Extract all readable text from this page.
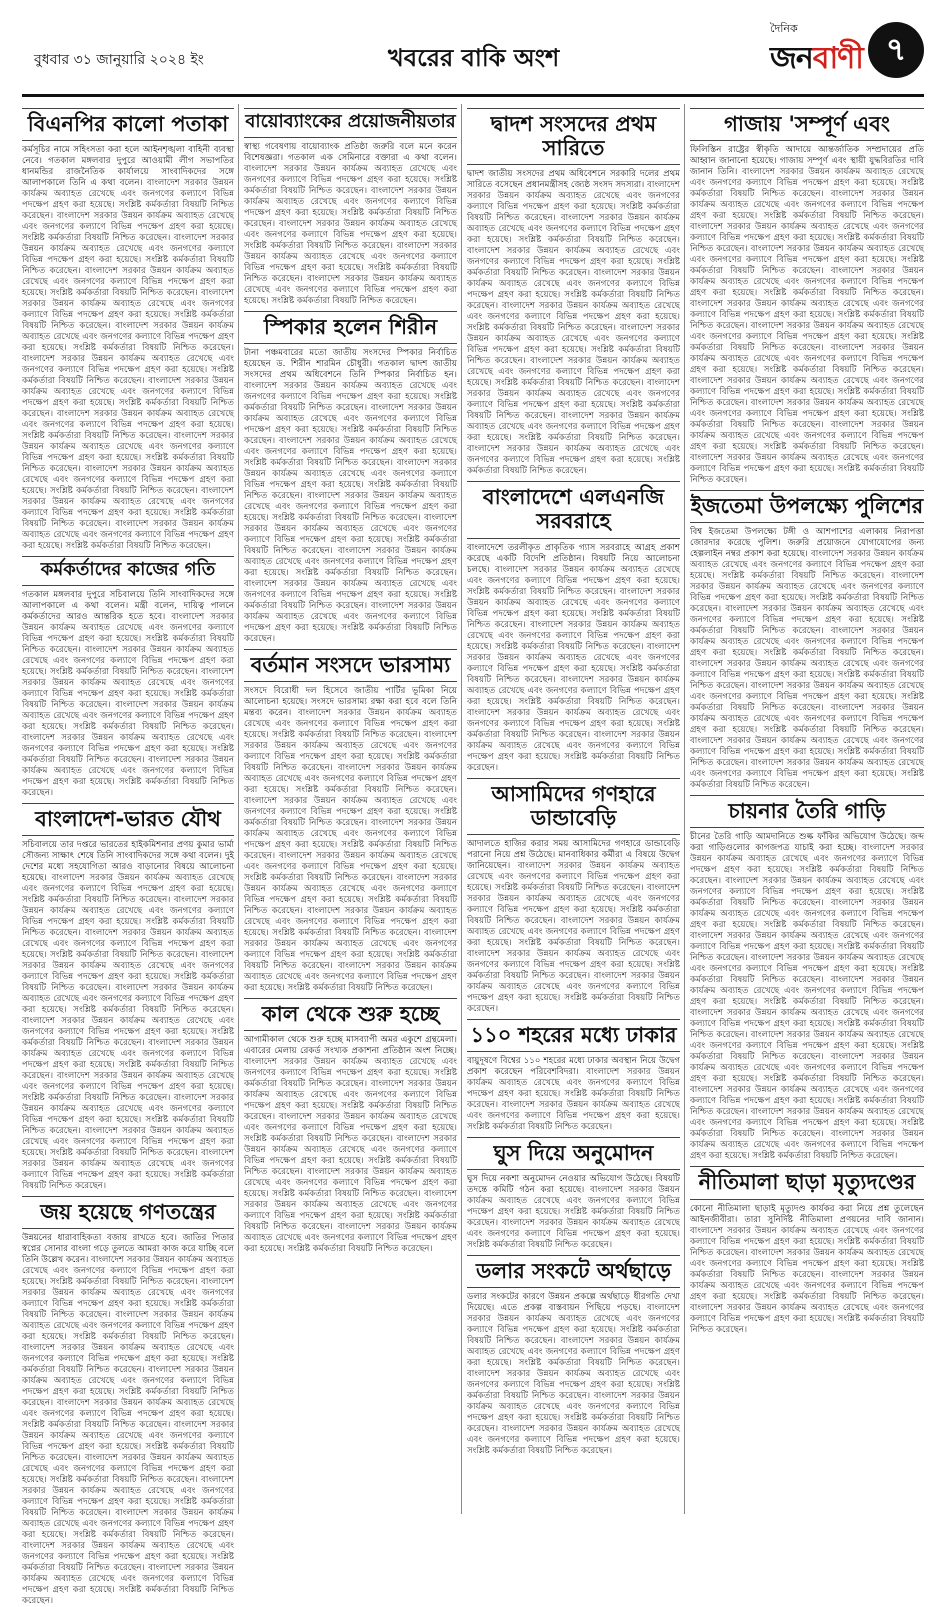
বুধবার ৩১ জানুয়ারি ২০২৪ ইং	খবরের বাকি অংশ
দৈনিক
জনবাণী ৭
বিএনপির কালো পতাকা

কর্মসূচির নামে সহিংসতা করা হলে আইনশৃঙ্খলা বাহিনী ব্যবস্থা নেবে। গতকাল মঙ্গলবার দুপুরে আওয়ামী লীগ সভাপতির ধানমন্ডির রাজনৈতিক কার্যালয়ে সাংবাদিকদের সঙ্গে আলাপকালে তিনি এ কথা বলেন। বাংলাদেশ সরকার উন্নয়ন কার্যক্রম অব্যাহত রেখেছে এবং জনগণের কল্যাণে বিভিন্ন পদক্ষেপ গ্রহণ করা হয়েছে। সংশ্লিষ্ট কর্মকর্তারা বিষয়টি নিশ্চিত করেছেন। বাংলাদেশ সরকার উন্নয়ন কার্যক্রম অব্যাহত রেখেছে এবং জনগণের কল্যাণে বিভিন্ন পদক্ষেপ গ্রহণ করা হয়েছে। সংশ্লিষ্ট কর্মকর্তারা বিষয়টি নিশ্চিত করেছেন। বাংলাদেশ সরকার উন্নয়ন কার্যক্রম অব্যাহত রেখেছে এবং জনগণের কল্যাণে বিভিন্ন পদক্ষেপ গ্রহণ করা হয়েছে। সংশ্লিষ্ট কর্মকর্তারা বিষয়টি নিশ্চিত করেছেন। বাংলাদেশ সরকার উন্নয়ন কার্যক্রম অব্যাহত রেখেছে এবং জনগণের কল্যাণে বিভিন্ন পদক্ষেপ গ্রহণ করা হয়েছে। সংশ্লিষ্ট কর্মকর্তারা বিষয়টি নিশ্চিত করেছেন। বাংলাদেশ সরকার উন্নয়ন কার্যক্রম অব্যাহত রেখেছে এবং জনগণের কল্যাণে বিভিন্ন পদক্ষেপ গ্রহণ করা হয়েছে। সংশ্লিষ্ট কর্মকর্তারা বিষয়টি নিশ্চিত করেছেন। বাংলাদেশ সরকার উন্নয়ন কার্যক্রম অব্যাহত রেখেছে এবং জনগণের কল্যাণে বিভিন্ন পদক্ষেপ গ্রহণ করা হয়েছে। সংশ্লিষ্ট কর্মকর্তারা বিষয়টি নিশ্চিত করেছেন। বাংলাদেশ সরকার উন্নয়ন কার্যক্রম অব্যাহত রেখেছে এবং জনগণের কল্যাণে বিভিন্ন পদক্ষেপ গ্রহণ করা হয়েছে। সংশ্লিষ্ট কর্মকর্তারা বিষয়টি নিশ্চিত করেছেন। বাংলাদেশ সরকার উন্নয়ন কার্যক্রম অব্যাহত রেখেছে এবং জনগণের কল্যাণে বিভিন্ন পদক্ষেপ গ্রহণ করা হয়েছে। সংশ্লিষ্ট কর্মকর্তারা বিষয়টি নিশ্চিত করেছেন। বাংলাদেশ সরকার উন্নয়ন কার্যক্রম অব্যাহত রেখেছে এবং জনগণের কল্যাণে বিভিন্ন পদক্ষেপ গ্রহণ করা হয়েছে। সংশ্লিষ্ট কর্মকর্তারা বিষয়টি নিশ্চিত করেছেন। বাংলাদেশ সরকার উন্নয়ন কার্যক্রম অব্যাহত রেখেছে এবং জনগণের কল্যাণে বিভিন্ন পদক্ষেপ গ্রহণ করা হয়েছে। সংশ্লিষ্ট কর্মকর্তারা বিষয়টি নিশ্চিত করেছেন। বাংলাদেশ সরকার উন্নয়ন কার্যক্রম অব্যাহত রেখেছে এবং জনগণের কল্যাণে বিভিন্ন পদক্ষেপ গ্রহণ করা হয়েছে। সংশ্লিষ্ট কর্মকর্তারা বিষয়টি নিশ্চিত করেছেন। বাংলাদেশ সরকার উন্নয়ন কার্যক্রম অব্যাহত রেখেছে এবং জনগণের কল্যাণে বিভিন্ন পদক্ষেপ গ্রহণ করা হয়েছে। সংশ্লিষ্ট কর্মকর্তারা বিষয়টি নিশ্চিত করেছেন। বাংলাদেশ সরকার উন্নয়ন কার্যক্রম অব্যাহত রেখেছে এবং জনগণের কল্যাণে বিভিন্ন পদক্ষেপ গ্রহণ করা হয়েছে। সংশ্লিষ্ট কর্মকর্তারা বিষয়টি নিশ্চিত করেছেন।

কর্মকর্তাদের কাজের গতি

গতকাল মঙ্গলবার দুপুরে সচিবালয়ে তিনি সাংবাদিকদের সঙ্গে আলাপকালে এ কথা বলেন। মন্ত্রী বলেন, দায়িত্ব পালনে কর্মকর্তাদের আরও আন্তরিক হতে হবে। বাংলাদেশ সরকার উন্নয়ন কার্যক্রম অব্যাহত রেখেছে এবং জনগণের কল্যাণে বিভিন্ন পদক্ষেপ গ্রহণ করা হয়েছে। সংশ্লিষ্ট কর্মকর্তারা বিষয়টি নিশ্চিত করেছেন। বাংলাদেশ সরকার উন্নয়ন কার্যক্রম অব্যাহত রেখেছে এবং জনগণের কল্যাণে বিভিন্ন পদক্ষেপ গ্রহণ করা হয়েছে। সংশ্লিষ্ট কর্মকর্তারা বিষয়টি নিশ্চিত করেছেন। বাংলাদেশ সরকার উন্নয়ন কার্যক্রম অব্যাহত রেখেছে এবং জনগণের কল্যাণে বিভিন্ন পদক্ষেপ গ্রহণ করা হয়েছে। সংশ্লিষ্ট কর্মকর্তারা বিষয়টি নিশ্চিত করেছেন। বাংলাদেশ সরকার উন্নয়ন কার্যক্রম অব্যাহত রেখেছে এবং জনগণের কল্যাণে বিভিন্ন পদক্ষেপ গ্রহণ করা হয়েছে। সংশ্লিষ্ট কর্মকর্তারা বিষয়টি নিশ্চিত করেছেন। বাংলাদেশ সরকার উন্নয়ন কার্যক্রম অব্যাহত রেখেছে এবং জনগণের কল্যাণে বিভিন্ন পদক্ষেপ গ্রহণ করা হয়েছে। সংশ্লিষ্ট কর্মকর্তারা বিষয়টি নিশ্চিত করেছেন। বাংলাদেশ সরকার উন্নয়ন কার্যক্রম অব্যাহত রেখেছে এবং জনগণের কল্যাণে বিভিন্ন পদক্ষেপ গ্রহণ করা হয়েছে। সংশ্লিষ্ট কর্মকর্তারা বিষয়টি নিশ্চিত করেছেন।

বাংলাদেশ-ভারত যৌথ

সচিবালয়ে তার দপ্তরে ভারতের হাইকমিশনার প্রণয় কুমার ভার্মা সৌজন্য সাক্ষাৎ শেষে তিনি সাংবাদিকদের সঙ্গে কথা বলেন। দুই দেশের মধ্যে সহযোগিতা আরও বাড়ানোর বিষয়ে আলোচনা হয়েছে। বাংলাদেশ সরকার উন্নয়ন কার্যক্রম অব্যাহত রেখেছে এবং জনগণের কল্যাণে বিভিন্ন পদক্ষেপ গ্রহণ করা হয়েছে। সংশ্লিষ্ট কর্মকর্তারা বিষয়টি নিশ্চিত করেছেন। বাংলাদেশ সরকার উন্নয়ন কার্যক্রম অব্যাহত রেখেছে এবং জনগণের কল্যাণে বিভিন্ন পদক্ষেপ গ্রহণ করা হয়েছে। সংশ্লিষ্ট কর্মকর্তারা বিষয়টি নিশ্চিত করেছেন। বাংলাদেশ সরকার উন্নয়ন কার্যক্রম অব্যাহত রেখেছে এবং জনগণের কল্যাণে বিভিন্ন পদক্ষেপ গ্রহণ করা হয়েছে। সংশ্লিষ্ট কর্মকর্তারা বিষয়টি নিশ্চিত করেছেন। বাংলাদেশ সরকার উন্নয়ন কার্যক্রম অব্যাহত রেখেছে এবং জনগণের কল্যাণে বিভিন্ন পদক্ষেপ গ্রহণ করা হয়েছে। সংশ্লিষ্ট কর্মকর্তারা বিষয়টি নিশ্চিত করেছেন। বাংলাদেশ সরকার উন্নয়ন কার্যক্রম অব্যাহত রেখেছে এবং জনগণের কল্যাণে বিভিন্ন পদক্ষেপ গ্রহণ করা হয়েছে। সংশ্লিষ্ট কর্মকর্তারা বিষয়টি নিশ্চিত করেছেন। বাংলাদেশ সরকার উন্নয়ন কার্যক্রম অব্যাহত রেখেছে এবং জনগণের কল্যাণে বিভিন্ন পদক্ষেপ গ্রহণ করা হয়েছে। সংশ্লিষ্ট কর্মকর্তারা বিষয়টি নিশ্চিত করেছেন। বাংলাদেশ সরকার উন্নয়ন কার্যক্রম অব্যাহত রেখেছে এবং জনগণের কল্যাণে বিভিন্ন পদক্ষেপ গ্রহণ করা হয়েছে। সংশ্লিষ্ট কর্মকর্তারা বিষয়টি নিশ্চিত করেছেন। বাংলাদেশ সরকার উন্নয়ন কার্যক্রম অব্যাহত রেখেছে এবং জনগণের কল্যাণে বিভিন্ন পদক্ষেপ গ্রহণ করা হয়েছে। সংশ্লিষ্ট কর্মকর্তারা বিষয়টি নিশ্চিত করেছেন। বাংলাদেশ সরকার উন্নয়ন কার্যক্রম অব্যাহত রেখেছে এবং জনগণের কল্যাণে বিভিন্ন পদক্ষেপ গ্রহণ করা হয়েছে। সংশ্লিষ্ট কর্মকর্তারা বিষয়টি নিশ্চিত করেছেন। বাংলাদেশ সরকার উন্নয়ন কার্যক্রম অব্যাহত রেখেছে এবং জনগণের কল্যাণে বিভিন্ন পদক্ষেপ গ্রহণ করা হয়েছে। সংশ্লিষ্ট কর্মকর্তারা বিষয়টি নিশ্চিত করেছেন। বাংলাদেশ সরকার উন্নয়ন কার্যক্রম অব্যাহত রেখেছে এবং জনগণের কল্যাণে বিভিন্ন পদক্ষেপ গ্রহণ করা হয়েছে। সংশ্লিষ্ট কর্মকর্তারা বিষয়টি নিশ্চিত করেছেন।

জয় হয়েছে গণতন্ত্রের

উন্নয়নের ধারাবাহিকতা বজায় রাখতে হবে। জাতির পিতার স্বপ্নের সোনার বাংলা গড়ে তুলতে আমরা কাজ করে যাচ্ছি বলে তিনি উল্লেখ করেন। বাংলাদেশ সরকার উন্নয়ন কার্যক্রম অব্যাহত রেখেছে এবং জনগণের কল্যাণে বিভিন্ন পদক্ষেপ গ্রহণ করা হয়েছে। সংশ্লিষ্ট কর্মকর্তারা বিষয়টি নিশ্চিত করেছেন। বাংলাদেশ সরকার উন্নয়ন কার্যক্রম অব্যাহত রেখেছে এবং জনগণের কল্যাণে বিভিন্ন পদক্ষেপ গ্রহণ করা হয়েছে। সংশ্লিষ্ট কর্মকর্তারা বিষয়টি নিশ্চিত করেছেন। বাংলাদেশ সরকার উন্নয়ন কার্যক্রম অব্যাহত রেখেছে এবং জনগণের কল্যাণে বিভিন্ন পদক্ষেপ গ্রহণ করা হয়েছে। সংশ্লিষ্ট কর্মকর্তারা বিষয়টি নিশ্চিত করেছেন। বাংলাদেশ সরকার উন্নয়ন কার্যক্রম অব্যাহত রেখেছে এবং জনগণের কল্যাণে বিভিন্ন পদক্ষেপ গ্রহণ করা হয়েছে। সংশ্লিষ্ট কর্মকর্তারা বিষয়টি নিশ্চিত করেছেন। বাংলাদেশ সরকার উন্নয়ন কার্যক্রম অব্যাহত রেখেছে এবং জনগণের কল্যাণে বিভিন্ন পদক্ষেপ গ্রহণ করা হয়েছে। সংশ্লিষ্ট কর্মকর্তারা বিষয়টি নিশ্চিত করেছেন। বাংলাদেশ সরকার উন্নয়ন কার্যক্রম অব্যাহত রেখেছে এবং জনগণের কল্যাণে বিভিন্ন পদক্ষেপ গ্রহণ করা হয়েছে। সংশ্লিষ্ট কর্মকর্তারা বিষয়টি নিশ্চিত করেছেন। বাংলাদেশ সরকার উন্নয়ন কার্যক্রম অব্যাহত রেখেছে এবং জনগণের কল্যাণে বিভিন্ন পদক্ষেপ গ্রহণ করা হয়েছে। সংশ্লিষ্ট কর্মকর্তারা বিষয়টি নিশ্চিত করেছেন। বাংলাদেশ সরকার উন্নয়ন কার্যক্রম অব্যাহত রেখেছে এবং জনগণের কল্যাণে বিভিন্ন পদক্ষেপ গ্রহণ করা হয়েছে। সংশ্লিষ্ট কর্মকর্তারা বিষয়টি নিশ্চিত করেছেন। বাংলাদেশ সরকার উন্নয়ন কার্যক্রম অব্যাহত রেখেছে এবং জনগণের কল্যাণে বিভিন্ন পদক্ষেপ গ্রহণ করা হয়েছে। সংশ্লিষ্ট কর্মকর্তারা বিষয়টি নিশ্চিত করেছেন। বাংলাদেশ সরকার উন্নয়ন কার্যক্রম অব্যাহত রেখেছে এবং জনগণের কল্যাণে বিভিন্ন পদক্ষেপ গ্রহণ করা হয়েছে। সংশ্লিষ্ট কর্মকর্তারা বিষয়টি নিশ্চিত করেছেন। বাংলাদেশ সরকার উন্নয়ন কার্যক্রম অব্যাহত রেখেছে এবং জনগণের কল্যাণে বিভিন্ন পদক্ষেপ গ্রহণ করা হয়েছে। সংশ্লিষ্ট কর্মকর্তারা বিষয়টি নিশ্চিত করেছেন। বাংলাদেশ সরকার উন্নয়ন কার্যক্রম অব্যাহত রেখেছে এবং জনগণের কল্যাণে বিভিন্ন পদক্ষেপ গ্রহণ করা হয়েছে। সংশ্লিষ্ট কর্মকর্তারা বিষয়টি নিশ্চিত করেছেন।

বায়োব্যাংকের প্রয়োজনীয়তার

স্বাস্থ্য গবেষণায় বায়োব্যাংক প্রতিষ্ঠা জরুরি বলে মনে করেন বিশেষজ্ঞরা। গতকাল এক সেমিনারে বক্তারা এ কথা বলেন। বাংলাদেশ সরকার উন্নয়ন কার্যক্রম অব্যাহত রেখেছে এবং জনগণের কল্যাণে বিভিন্ন পদক্ষেপ গ্রহণ করা হয়েছে। সংশ্লিষ্ট কর্মকর্তারা বিষয়টি নিশ্চিত করেছেন। বাংলাদেশ সরকার উন্নয়ন কার্যক্রম অব্যাহত রেখেছে এবং জনগণের কল্যাণে বিভিন্ন পদক্ষেপ গ্রহণ করা হয়েছে। সংশ্লিষ্ট কর্মকর্তারা বিষয়টি নিশ্চিত করেছেন। বাংলাদেশ সরকার উন্নয়ন কার্যক্রম অব্যাহত রেখেছে এবং জনগণের কল্যাণে বিভিন্ন পদক্ষেপ গ্রহণ করা হয়েছে। সংশ্লিষ্ট কর্মকর্তারা বিষয়টি নিশ্চিত করেছেন। বাংলাদেশ সরকার উন্নয়ন কার্যক্রম অব্যাহত রেখেছে এবং জনগণের কল্যাণে বিভিন্ন পদক্ষেপ গ্রহণ করা হয়েছে। সংশ্লিষ্ট কর্মকর্তারা বিষয়টি নিশ্চিত করেছেন। বাংলাদেশ সরকার উন্নয়ন কার্যক্রম অব্যাহত রেখেছে এবং জনগণের কল্যাণে বিভিন্ন পদক্ষেপ গ্রহণ করা হয়েছে। সংশ্লিষ্ট কর্মকর্তারা বিষয়টি নিশ্চিত করেছেন।

স্পিকার হলেন শিরীন

টানা পঞ্চমবারের মতো জাতীয় সংসদের স্পিকার নির্বাচিত হয়েছেন ড. শিরীন শারমিন চৌধুরী। গতকাল দ্বাদশ জাতীয় সংসদের প্রথম অধিবেশনে তিনি স্পিকার নির্বাচিত হন। বাংলাদেশ সরকার উন্নয়ন কার্যক্রম অব্যাহত রেখেছে এবং জনগণের কল্যাণে বিভিন্ন পদক্ষেপ গ্রহণ করা হয়েছে। সংশ্লিষ্ট কর্মকর্তারা বিষয়টি নিশ্চিত করেছেন। বাংলাদেশ সরকার উন্নয়ন কার্যক্রম অব্যাহত রেখেছে এবং জনগণের কল্যাণে বিভিন্ন পদক্ষেপ গ্রহণ করা হয়েছে। সংশ্লিষ্ট কর্মকর্তারা বিষয়টি নিশ্চিত করেছেন। বাংলাদেশ সরকার উন্নয়ন কার্যক্রম অব্যাহত রেখেছে এবং জনগণের কল্যাণে বিভিন্ন পদক্ষেপ গ্রহণ করা হয়েছে। সংশ্লিষ্ট কর্মকর্তারা বিষয়টি নিশ্চিত করেছেন। বাংলাদেশ সরকার উন্নয়ন কার্যক্রম অব্যাহত রেখেছে এবং জনগণের কল্যাণে বিভিন্ন পদক্ষেপ গ্রহণ করা হয়েছে। সংশ্লিষ্ট কর্মকর্তারা বিষয়টি নিশ্চিত করেছেন। বাংলাদেশ সরকার উন্নয়ন কার্যক্রম অব্যাহত রেখেছে এবং জনগণের কল্যাণে বিভিন্ন পদক্ষেপ গ্রহণ করা হয়েছে। সংশ্লিষ্ট কর্মকর্তারা বিষয়টি নিশ্চিত করেছেন। বাংলাদেশ সরকার উন্নয়ন কার্যক্রম অব্যাহত রেখেছে এবং জনগণের কল্যাণে বিভিন্ন পদক্ষেপ গ্রহণ করা হয়েছে। সংশ্লিষ্ট কর্মকর্তারা বিষয়টি নিশ্চিত করেছেন। বাংলাদেশ সরকার উন্নয়ন কার্যক্রম অব্যাহত রেখেছে এবং জনগণের কল্যাণে বিভিন্ন পদক্ষেপ গ্রহণ করা হয়েছে। সংশ্লিষ্ট কর্মকর্তারা বিষয়টি নিশ্চিত করেছেন। বাংলাদেশ সরকার উন্নয়ন কার্যক্রম অব্যাহত রেখেছে এবং জনগণের কল্যাণে বিভিন্ন পদক্ষেপ গ্রহণ করা হয়েছে। সংশ্লিষ্ট কর্মকর্তারা বিষয়টি নিশ্চিত করেছেন। বাংলাদেশ সরকার উন্নয়ন কার্যক্রম অব্যাহত রেখেছে এবং জনগণের কল্যাণে বিভিন্ন পদক্ষেপ গ্রহণ করা হয়েছে। সংশ্লিষ্ট কর্মকর্তারা বিষয়টি নিশ্চিত করেছেন।

বর্তমান সংসদে ভারসাম্য

সংসদে বিরোধী দল হিসেবে জাতীয় পার্টির ভূমিকা নিয়ে আলোচনা হয়েছে। সংসদে ভারসাম্য রক্ষা করা হবে বলে তিনি মন্তব্য করেন। বাংলাদেশ সরকার উন্নয়ন কার্যক্রম অব্যাহত রেখেছে এবং জনগণের কল্যাণে বিভিন্ন পদক্ষেপ গ্রহণ করা হয়েছে। সংশ্লিষ্ট কর্মকর্তারা বিষয়টি নিশ্চিত করেছেন। বাংলাদেশ সরকার উন্নয়ন কার্যক্রম অব্যাহত রেখেছে এবং জনগণের কল্যাণে বিভিন্ন পদক্ষেপ গ্রহণ করা হয়েছে। সংশ্লিষ্ট কর্মকর্তারা বিষয়টি নিশ্চিত করেছেন। বাংলাদেশ সরকার উন্নয়ন কার্যক্রম অব্যাহত রেখেছে এবং জনগণের কল্যাণে বিভিন্ন পদক্ষেপ গ্রহণ করা হয়েছে। সংশ্লিষ্ট কর্মকর্তারা বিষয়টি নিশ্চিত করেছেন। বাংলাদেশ সরকার উন্নয়ন কার্যক্রম অব্যাহত রেখেছে এবং জনগণের কল্যাণে বিভিন্ন পদক্ষেপ গ্রহণ করা হয়েছে। সংশ্লিষ্ট কর্মকর্তারা বিষয়টি নিশ্চিত করেছেন। বাংলাদেশ সরকার উন্নয়ন কার্যক্রম অব্যাহত রেখেছে এবং জনগণের কল্যাণে বিভিন্ন পদক্ষেপ গ্রহণ করা হয়েছে। সংশ্লিষ্ট কর্মকর্তারা বিষয়টি নিশ্চিত করেছেন। বাংলাদেশ সরকার উন্নয়ন কার্যক্রম অব্যাহত রেখেছে এবং জনগণের কল্যাণে বিভিন্ন পদক্ষেপ গ্রহণ করা হয়েছে। সংশ্লিষ্ট কর্মকর্তারা বিষয়টি নিশ্চিত করেছেন। বাংলাদেশ সরকার উন্নয়ন কার্যক্রম অব্যাহত রেখেছে এবং জনগণের কল্যাণে বিভিন্ন পদক্ষেপ গ্রহণ করা হয়েছে। সংশ্লিষ্ট কর্মকর্তারা বিষয়টি নিশ্চিত করেছেন। বাংলাদেশ সরকার উন্নয়ন কার্যক্রম অব্যাহত রেখেছে এবং জনগণের কল্যাণে বিভিন্ন পদক্ষেপ গ্রহণ করা হয়েছে। সংশ্লিষ্ট কর্মকর্তারা বিষয়টি নিশ্চিত করেছেন। বাংলাদেশ সরকার উন্নয়ন কার্যক্রম অব্যাহত রেখেছে এবং জনগণের কল্যাণে বিভিন্ন পদক্ষেপ গ্রহণ করা হয়েছে। সংশ্লিষ্ট কর্মকর্তারা বিষয়টি নিশ্চিত করেছেন। বাংলাদেশ সরকার উন্নয়ন কার্যক্রম অব্যাহত রেখেছে এবং জনগণের কল্যাণে বিভিন্ন পদক্ষেপ গ্রহণ করা হয়েছে। সংশ্লিষ্ট কর্মকর্তারা বিষয়টি নিশ্চিত করেছেন।

কাল থেকে শুরু হচ্ছে

আগামীকাল থেকে শুরু হচ্ছে মাসব্যাপী অমর একুশে গ্রন্থমেলা। এবারের মেলায় রেকর্ড সংখ্যক প্রকাশনা প্রতিষ্ঠান অংশ নিচ্ছে। বাংলাদেশ সরকার উন্নয়ন কার্যক্রম অব্যাহত রেখেছে এবং জনগণের কল্যাণে বিভিন্ন পদক্ষেপ গ্রহণ করা হয়েছে। সংশ্লিষ্ট কর্মকর্তারা বিষয়টি নিশ্চিত করেছেন। বাংলাদেশ সরকার উন্নয়ন কার্যক্রম অব্যাহত রেখেছে এবং জনগণের কল্যাণে বিভিন্ন পদক্ষেপ গ্রহণ করা হয়েছে। সংশ্লিষ্ট কর্মকর্তারা বিষয়টি নিশ্চিত করেছেন। বাংলাদেশ সরকার উন্নয়ন কার্যক্রম অব্যাহত রেখেছে এবং জনগণের কল্যাণে বিভিন্ন পদক্ষেপ গ্রহণ করা হয়েছে। সংশ্লিষ্ট কর্মকর্তারা বিষয়টি নিশ্চিত করেছেন। বাংলাদেশ সরকার উন্নয়ন কার্যক্রম অব্যাহত রেখেছে এবং জনগণের কল্যাণে বিভিন্ন পদক্ষেপ গ্রহণ করা হয়েছে। সংশ্লিষ্ট কর্মকর্তারা বিষয়টি নিশ্চিত করেছেন। বাংলাদেশ সরকার উন্নয়ন কার্যক্রম অব্যাহত রেখেছে এবং জনগণের কল্যাণে বিভিন্ন পদক্ষেপ গ্রহণ করা হয়েছে। সংশ্লিষ্ট কর্মকর্তারা বিষয়টি নিশ্চিত করেছেন। বাংলাদেশ সরকার উন্নয়ন কার্যক্রম অব্যাহত রেখেছে এবং জনগণের কল্যাণে বিভিন্ন পদক্ষেপ গ্রহণ করা হয়েছে। সংশ্লিষ্ট কর্মকর্তারা বিষয়টি নিশ্চিত করেছেন। বাংলাদেশ সরকার উন্নয়ন কার্যক্রম অব্যাহত রেখেছে এবং জনগণের কল্যাণে বিভিন্ন পদক্ষেপ গ্রহণ করা হয়েছে। সংশ্লিষ্ট কর্মকর্তারা বিষয়টি নিশ্চিত করেছেন।

দ্বাদশ সংসদের প্রথম সারিতে

দ্বাদশ জাতীয় সংসদের প্রথম অধিবেশনে সরকারি দলের প্রথম সারিতে বসেছেন প্রধানমন্ত্রীসহ জ্যেষ্ঠ সংসদ সদস্যরা। বাংলাদেশ সরকার উন্নয়ন কার্যক্রম অব্যাহত রেখেছে এবং জনগণের কল্যাণে বিভিন্ন পদক্ষেপ গ্রহণ করা হয়েছে। সংশ্লিষ্ট কর্মকর্তারা বিষয়টি নিশ্চিত করেছেন। বাংলাদেশ সরকার উন্নয়ন কার্যক্রম অব্যাহত রেখেছে এবং জনগণের কল্যাণে বিভিন্ন পদক্ষেপ গ্রহণ করা হয়েছে। সংশ্লিষ্ট কর্মকর্তারা বিষয়টি নিশ্চিত করেছেন। বাংলাদেশ সরকার উন্নয়ন কার্যক্রম অব্যাহত রেখেছে এবং জনগণের কল্যাণে বিভিন্ন পদক্ষেপ গ্রহণ করা হয়েছে। সংশ্লিষ্ট কর্মকর্তারা বিষয়টি নিশ্চিত করেছেন। বাংলাদেশ সরকার উন্নয়ন কার্যক্রম অব্যাহত রেখেছে এবং জনগণের কল্যাণে বিভিন্ন পদক্ষেপ গ্রহণ করা হয়েছে। সংশ্লিষ্ট কর্মকর্তারা বিষয়টি নিশ্চিত করেছেন। বাংলাদেশ সরকার উন্নয়ন কার্যক্রম অব্যাহত রেখেছে এবং জনগণের কল্যাণে বিভিন্ন পদক্ষেপ গ্রহণ করা হয়েছে। সংশ্লিষ্ট কর্মকর্তারা বিষয়টি নিশ্চিত করেছেন। বাংলাদেশ সরকার উন্নয়ন কার্যক্রম অব্যাহত রেখেছে এবং জনগণের কল্যাণে বিভিন্ন পদক্ষেপ গ্রহণ করা হয়েছে। সংশ্লিষ্ট কর্মকর্তারা বিষয়টি নিশ্চিত করেছেন। বাংলাদেশ সরকার উন্নয়ন কার্যক্রম অব্যাহত রেখেছে এবং জনগণের কল্যাণে বিভিন্ন পদক্ষেপ গ্রহণ করা হয়েছে। সংশ্লিষ্ট কর্মকর্তারা বিষয়টি নিশ্চিত করেছেন। বাংলাদেশ সরকার উন্নয়ন কার্যক্রম অব্যাহত রেখেছে এবং জনগণের কল্যাণে বিভিন্ন পদক্ষেপ গ্রহণ করা হয়েছে। সংশ্লিষ্ট কর্মকর্তারা বিষয়টি নিশ্চিত করেছেন। বাংলাদেশ সরকার উন্নয়ন কার্যক্রম অব্যাহত রেখেছে এবং জনগণের কল্যাণে বিভিন্ন পদক্ষেপ গ্রহণ করা হয়েছে। সংশ্লিষ্ট কর্মকর্তারা বিষয়টি নিশ্চিত করেছেন। বাংলাদেশ সরকার উন্নয়ন কার্যক্রম অব্যাহত রেখেছে এবং জনগণের কল্যাণে বিভিন্ন পদক্ষেপ গ্রহণ করা হয়েছে। সংশ্লিষ্ট কর্মকর্তারা বিষয়টি নিশ্চিত করেছেন।

বাংলাদেশে এলএনজি সরবরাহে

বাংলাদেশে তরলীকৃত প্রাকৃতিক গ্যাস সরবরাহে আগ্রহ প্রকাশ করেছে একটি বিদেশি প্রতিষ্ঠান। বিষয়টি নিয়ে আলোচনা চলছে। বাংলাদেশ সরকার উন্নয়ন কার্যক্রম অব্যাহত রেখেছে এবং জনগণের কল্যাণে বিভিন্ন পদক্ষেপ গ্রহণ করা হয়েছে। সংশ্লিষ্ট কর্মকর্তারা বিষয়টি নিশ্চিত করেছেন। বাংলাদেশ সরকার উন্নয়ন কার্যক্রম অব্যাহত রেখেছে এবং জনগণের কল্যাণে বিভিন্ন পদক্ষেপ গ্রহণ করা হয়েছে। সংশ্লিষ্ট কর্মকর্তারা বিষয়টি নিশ্চিত করেছেন। বাংলাদেশ সরকার উন্নয়ন কার্যক্রম অব্যাহত রেখেছে এবং জনগণের কল্যাণে বিভিন্ন পদক্ষেপ গ্রহণ করা হয়েছে। সংশ্লিষ্ট কর্মকর্তারা বিষয়টি নিশ্চিত করেছেন। বাংলাদেশ সরকার উন্নয়ন কার্যক্রম অব্যাহত রেখেছে এবং জনগণের কল্যাণে বিভিন্ন পদক্ষেপ গ্রহণ করা হয়েছে। সংশ্লিষ্ট কর্মকর্তারা বিষয়টি নিশ্চিত করেছেন। বাংলাদেশ সরকার উন্নয়ন কার্যক্রম অব্যাহত রেখেছে এবং জনগণের কল্যাণে বিভিন্ন পদক্ষেপ গ্রহণ করা হয়েছে। সংশ্লিষ্ট কর্মকর্তারা বিষয়টি নিশ্চিত করেছেন। বাংলাদেশ সরকার উন্নয়ন কার্যক্রম অব্যাহত রেখেছে এবং জনগণের কল্যাণে বিভিন্ন পদক্ষেপ গ্রহণ করা হয়েছে। সংশ্লিষ্ট কর্মকর্তারা বিষয়টি নিশ্চিত করেছেন। বাংলাদেশ সরকার উন্নয়ন কার্যক্রম অব্যাহত রেখেছে এবং জনগণের কল্যাণে বিভিন্ন পদক্ষেপ গ্রহণ করা হয়েছে। সংশ্লিষ্ট কর্মকর্তারা বিষয়টি নিশ্চিত করেছেন।

আসামিদের গণহারে ডান্ডাবেড়ি

আদালতে হাজির করার সময় আসামিদের গণহারে ডান্ডাবেড়ি পরানো নিয়ে প্রশ্ন উঠেছে। মানবাধিকার কর্মীরা এ বিষয়ে উদ্বেগ জানিয়েছেন। বাংলাদেশ সরকার উন্নয়ন কার্যক্রম অব্যাহত রেখেছে এবং জনগণের কল্যাণে বিভিন্ন পদক্ষেপ গ্রহণ করা হয়েছে। সংশ্লিষ্ট কর্মকর্তারা বিষয়টি নিশ্চিত করেছেন। বাংলাদেশ সরকার উন্নয়ন কার্যক্রম অব্যাহত রেখেছে এবং জনগণের কল্যাণে বিভিন্ন পদক্ষেপ গ্রহণ করা হয়েছে। সংশ্লিষ্ট কর্মকর্তারা বিষয়টি নিশ্চিত করেছেন। বাংলাদেশ সরকার উন্নয়ন কার্যক্রম অব্যাহত রেখেছে এবং জনগণের কল্যাণে বিভিন্ন পদক্ষেপ গ্রহণ করা হয়েছে। সংশ্লিষ্ট কর্মকর্তারা বিষয়টি নিশ্চিত করেছেন। বাংলাদেশ সরকার উন্নয়ন কার্যক্রম অব্যাহত রেখেছে এবং জনগণের কল্যাণে বিভিন্ন পদক্ষেপ গ্রহণ করা হয়েছে। সংশ্লিষ্ট কর্মকর্তারা বিষয়টি নিশ্চিত করেছেন। বাংলাদেশ সরকার উন্নয়ন কার্যক্রম অব্যাহত রেখেছে এবং জনগণের কল্যাণে বিভিন্ন পদক্ষেপ গ্রহণ করা হয়েছে। সংশ্লিষ্ট কর্মকর্তারা বিষয়টি নিশ্চিত করেছেন।

১১০ শহরের মধ্যে ঢাকার

বায়ুদূষণে বিশ্বের ১১০ শহরের মধ্যে ঢাকার অবস্থান নিয়ে উদ্বেগ প্রকাশ করেছেন পরিবেশবিদরা। বাংলাদেশ সরকার উন্নয়ন কার্যক্রম অব্যাহত রেখেছে এবং জনগণের কল্যাণে বিভিন্ন পদক্ষেপ গ্রহণ করা হয়েছে। সংশ্লিষ্ট কর্মকর্তারা বিষয়টি নিশ্চিত করেছেন। বাংলাদেশ সরকার উন্নয়ন কার্যক্রম অব্যাহত রেখেছে এবং জনগণের কল্যাণে বিভিন্ন পদক্ষেপ গ্রহণ করা হয়েছে। সংশ্লিষ্ট কর্মকর্তারা বিষয়টি নিশ্চিত করেছেন।

ঘুস দিয়ে অনুমোদন

ঘুস দিয়ে নকশা অনুমোদন নেওয়ার অভিযোগ উঠেছে। বিষয়টি তদন্তে কমিটি গঠন করা হয়েছে। বাংলাদেশ সরকার উন্নয়ন কার্যক্রম অব্যাহত রেখেছে এবং জনগণের কল্যাণে বিভিন্ন পদক্ষেপ গ্রহণ করা হয়েছে। সংশ্লিষ্ট কর্মকর্তারা বিষয়টি নিশ্চিত করেছেন। বাংলাদেশ সরকার উন্নয়ন কার্যক্রম অব্যাহত রেখেছে এবং জনগণের কল্যাণে বিভিন্ন পদক্ষেপ গ্রহণ করা হয়েছে। সংশ্লিষ্ট কর্মকর্তারা বিষয়টি নিশ্চিত করেছেন।

ডলার সংকটে অর্থছাড়ে

ডলার সংকটের কারণে উন্নয়ন প্রকল্পে অর্থছাড়ে ধীরগতি দেখা দিয়েছে। এতে প্রকল্প বাস্তবায়ন পিছিয়ে পড়ছে। বাংলাদেশ সরকার উন্নয়ন কার্যক্রম অব্যাহত রেখেছে এবং জনগণের কল্যাণে বিভিন্ন পদক্ষেপ গ্রহণ করা হয়েছে। সংশ্লিষ্ট কর্মকর্তারা বিষয়টি নিশ্চিত করেছেন। বাংলাদেশ সরকার উন্নয়ন কার্যক্রম অব্যাহত রেখেছে এবং জনগণের কল্যাণে বিভিন্ন পদক্ষেপ গ্রহণ করা হয়েছে। সংশ্লিষ্ট কর্মকর্তারা বিষয়টি নিশ্চিত করেছেন। বাংলাদেশ সরকার উন্নয়ন কার্যক্রম অব্যাহত রেখেছে এবং জনগণের কল্যাণে বিভিন্ন পদক্ষেপ গ্রহণ করা হয়েছে। সংশ্লিষ্ট কর্মকর্তারা বিষয়টি নিশ্চিত করেছেন। বাংলাদেশ সরকার উন্নয়ন কার্যক্রম অব্যাহত রেখেছে এবং জনগণের কল্যাণে বিভিন্ন পদক্ষেপ গ্রহণ করা হয়েছে। সংশ্লিষ্ট কর্মকর্তারা বিষয়টি নিশ্চিত করেছেন। বাংলাদেশ সরকার উন্নয়ন কার্যক্রম অব্যাহত রেখেছে এবং জনগণের কল্যাণে বিভিন্ন পদক্ষেপ গ্রহণ করা হয়েছে। সংশ্লিষ্ট কর্মকর্তারা বিষয়টি নিশ্চিত করেছেন।

গাজায় 'সম্পূর্ণ এবং

ফিলিস্তিন রাষ্ট্রের স্বীকৃতি আদায়ে আন্তর্জাতিক সম্প্রদায়ের প্রতি আহ্বান জানানো হয়েছে। গাজায় সম্পূর্ণ এবং স্থায়ী যুদ্ধবিরতির দাবি জানান তিনি। বাংলাদেশ সরকার উন্নয়ন কার্যক্রম অব্যাহত রেখেছে এবং জনগণের কল্যাণে বিভিন্ন পদক্ষেপ গ্রহণ করা হয়েছে। সংশ্লিষ্ট কর্মকর্তারা বিষয়টি নিশ্চিত করেছেন। বাংলাদেশ সরকার উন্নয়ন কার্যক্রম অব্যাহত রেখেছে এবং জনগণের কল্যাণে বিভিন্ন পদক্ষেপ গ্রহণ করা হয়েছে। সংশ্লিষ্ট কর্মকর্তারা বিষয়টি নিশ্চিত করেছেন। বাংলাদেশ সরকার উন্নয়ন কার্যক্রম অব্যাহত রেখেছে এবং জনগণের কল্যাণে বিভিন্ন পদক্ষেপ গ্রহণ করা হয়েছে। সংশ্লিষ্ট কর্মকর্তারা বিষয়টি নিশ্চিত করেছেন। বাংলাদেশ সরকার উন্নয়ন কার্যক্রম অব্যাহত রেখেছে এবং জনগণের কল্যাণে বিভিন্ন পদক্ষেপ গ্রহণ করা হয়েছে। সংশ্লিষ্ট কর্মকর্তারা বিষয়টি নিশ্চিত করেছেন। বাংলাদেশ সরকার উন্নয়ন কার্যক্রম অব্যাহত রেখেছে এবং জনগণের কল্যাণে বিভিন্ন পদক্ষেপ গ্রহণ করা হয়েছে। সংশ্লিষ্ট কর্মকর্তারা বিষয়টি নিশ্চিত করেছেন। বাংলাদেশ সরকার উন্নয়ন কার্যক্রম অব্যাহত রেখেছে এবং জনগণের কল্যাণে বিভিন্ন পদক্ষেপ গ্রহণ করা হয়েছে। সংশ্লিষ্ট কর্মকর্তারা বিষয়টি নিশ্চিত করেছেন। বাংলাদেশ সরকার উন্নয়ন কার্যক্রম অব্যাহত রেখেছে এবং জনগণের কল্যাণে বিভিন্ন পদক্ষেপ গ্রহণ করা হয়েছে। সংশ্লিষ্ট কর্মকর্তারা বিষয়টি নিশ্চিত করেছেন। বাংলাদেশ সরকার উন্নয়ন কার্যক্রম অব্যাহত রেখেছে এবং জনগণের কল্যাণে বিভিন্ন পদক্ষেপ গ্রহণ করা হয়েছে। সংশ্লিষ্ট কর্মকর্তারা বিষয়টি নিশ্চিত করেছেন। বাংলাদেশ সরকার উন্নয়ন কার্যক্রম অব্যাহত রেখেছে এবং জনগণের কল্যাণে বিভিন্ন পদক্ষেপ গ্রহণ করা হয়েছে। সংশ্লিষ্ট কর্মকর্তারা বিষয়টি নিশ্চিত করেছেন। বাংলাদেশ সরকার উন্নয়ন কার্যক্রম অব্যাহত রেখেছে এবং জনগণের কল্যাণে বিভিন্ন পদক্ষেপ গ্রহণ করা হয়েছে। সংশ্লিষ্ট কর্মকর্তারা বিষয়টি নিশ্চিত করেছেন। বাংলাদেশ সরকার উন্নয়ন কার্যক্রম অব্যাহত রেখেছে এবং জনগণের কল্যাণে বিভিন্ন পদক্ষেপ গ্রহণ করা হয়েছে। সংশ্লিষ্ট কর্মকর্তারা বিষয়টি নিশ্চিত করেছেন। বাংলাদেশ সরকার উন্নয়ন কার্যক্রম অব্যাহত রেখেছে এবং জনগণের কল্যাণে বিভিন্ন পদক্ষেপ গ্রহণ করা হয়েছে। সংশ্লিষ্ট কর্মকর্তারা বিষয়টি নিশ্চিত করেছেন।

ইজতেমা উপলক্ষ্যে পুলিশের

বিশ্ব ইজতেমা উপলক্ষ্যে টঙ্গী ও আশপাশের এলাকায় নিরাপত্তা জোরদার করেছে পুলিশ। জরুরি প্রয়োজনে যোগাযোগের জন্য হেল্পলাইন নম্বর প্রকাশ করা হয়েছে। বাংলাদেশ সরকার উন্নয়ন কার্যক্রম অব্যাহত রেখেছে এবং জনগণের কল্যাণে বিভিন্ন পদক্ষেপ গ্রহণ করা হয়েছে। সংশ্লিষ্ট কর্মকর্তারা বিষয়টি নিশ্চিত করেছেন। বাংলাদেশ সরকার উন্নয়ন কার্যক্রম অব্যাহত রেখেছে এবং জনগণের কল্যাণে বিভিন্ন পদক্ষেপ গ্রহণ করা হয়েছে। সংশ্লিষ্ট কর্মকর্তারা বিষয়টি নিশ্চিত করেছেন। বাংলাদেশ সরকার উন্নয়ন কার্যক্রম অব্যাহত রেখেছে এবং জনগণের কল্যাণে বিভিন্ন পদক্ষেপ গ্রহণ করা হয়েছে। সংশ্লিষ্ট কর্মকর্তারা বিষয়টি নিশ্চিত করেছেন। বাংলাদেশ সরকার উন্নয়ন কার্যক্রম অব্যাহত রেখেছে এবং জনগণের কল্যাণে বিভিন্ন পদক্ষেপ গ্রহণ করা হয়েছে। সংশ্লিষ্ট কর্মকর্তারা বিষয়টি নিশ্চিত করেছেন। বাংলাদেশ সরকার উন্নয়ন কার্যক্রম অব্যাহত রেখেছে এবং জনগণের কল্যাণে বিভিন্ন পদক্ষেপ গ্রহণ করা হয়েছে। সংশ্লিষ্ট কর্মকর্তারা বিষয়টি নিশ্চিত করেছেন। বাংলাদেশ সরকার উন্নয়ন কার্যক্রম অব্যাহত রেখেছে এবং জনগণের কল্যাণে বিভিন্ন পদক্ষেপ গ্রহণ করা হয়েছে। সংশ্লিষ্ট কর্মকর্তারা বিষয়টি নিশ্চিত করেছেন। বাংলাদেশ সরকার উন্নয়ন কার্যক্রম অব্যাহত রেখেছে এবং জনগণের কল্যাণে বিভিন্ন পদক্ষেপ গ্রহণ করা হয়েছে। সংশ্লিষ্ট কর্মকর্তারা বিষয়টি নিশ্চিত করেছেন। বাংলাদেশ সরকার উন্নয়ন কার্যক্রম অব্যাহত রেখেছে এবং জনগণের কল্যাণে বিভিন্ন পদক্ষেপ গ্রহণ করা হয়েছে। সংশ্লিষ্ট কর্মকর্তারা বিষয়টি নিশ্চিত করেছেন। বাংলাদেশ সরকার উন্নয়ন কার্যক্রম অব্যাহত রেখেছে এবং জনগণের কল্যাণে বিভিন্ন পদক্ষেপ গ্রহণ করা হয়েছে। সংশ্লিষ্ট কর্মকর্তারা বিষয়টি নিশ্চিত করেছেন।

চায়নার তৈরি গাড়ি

চীনের তৈরি গাড়ি আমদানিতে শুল্ক ফাঁকির অভিযোগ উঠেছে। জব্দ করা গাড়িগুলোর কাগজপত্র যাচাই করা হচ্ছে। বাংলাদেশ সরকার উন্নয়ন কার্যক্রম অব্যাহত রেখেছে এবং জনগণের কল্যাণে বিভিন্ন পদক্ষেপ গ্রহণ করা হয়েছে। সংশ্লিষ্ট কর্মকর্তারা বিষয়টি নিশ্চিত করেছেন। বাংলাদেশ সরকার উন্নয়ন কার্যক্রম অব্যাহত রেখেছে এবং জনগণের কল্যাণে বিভিন্ন পদক্ষেপ গ্রহণ করা হয়েছে। সংশ্লিষ্ট কর্মকর্তারা বিষয়টি নিশ্চিত করেছেন। বাংলাদেশ সরকার উন্নয়ন কার্যক্রম অব্যাহত রেখেছে এবং জনগণের কল্যাণে বিভিন্ন পদক্ষেপ গ্রহণ করা হয়েছে। সংশ্লিষ্ট কর্মকর্তারা বিষয়টি নিশ্চিত করেছেন। বাংলাদেশ সরকার উন্নয়ন কার্যক্রম অব্যাহত রেখেছে এবং জনগণের কল্যাণে বিভিন্ন পদক্ষেপ গ্রহণ করা হয়েছে। সংশ্লিষ্ট কর্মকর্তারা বিষয়টি নিশ্চিত করেছেন। বাংলাদেশ সরকার উন্নয়ন কার্যক্রম অব্যাহত রেখেছে এবং জনগণের কল্যাণে বিভিন্ন পদক্ষেপ গ্রহণ করা হয়েছে। সংশ্লিষ্ট কর্মকর্তারা বিষয়টি নিশ্চিত করেছেন। বাংলাদেশ সরকার উন্নয়ন কার্যক্রম অব্যাহত রেখেছে এবং জনগণের কল্যাণে বিভিন্ন পদক্ষেপ গ্রহণ করা হয়েছে। সংশ্লিষ্ট কর্মকর্তারা বিষয়টি নিশ্চিত করেছেন। বাংলাদেশ সরকার উন্নয়ন কার্যক্রম অব্যাহত রেখেছে এবং জনগণের কল্যাণে বিভিন্ন পদক্ষেপ গ্রহণ করা হয়েছে। সংশ্লিষ্ট কর্মকর্তারা বিষয়টি নিশ্চিত করেছেন। বাংলাদেশ সরকার উন্নয়ন কার্যক্রম অব্যাহত রেখেছে এবং জনগণের কল্যাণে বিভিন্ন পদক্ষেপ গ্রহণ করা হয়েছে। সংশ্লিষ্ট কর্মকর্তারা বিষয়টি নিশ্চিত করেছেন। বাংলাদেশ সরকার উন্নয়ন কার্যক্রম অব্যাহত রেখেছে এবং জনগণের কল্যাণে বিভিন্ন পদক্ষেপ গ্রহণ করা হয়েছে। সংশ্লিষ্ট কর্মকর্তারা বিষয়টি নিশ্চিত করেছেন। বাংলাদেশ সরকার উন্নয়ন কার্যক্রম অব্যাহত রেখেছে এবং জনগণের কল্যাণে বিভিন্ন পদক্ষেপ গ্রহণ করা হয়েছে। সংশ্লিষ্ট কর্মকর্তারা বিষয়টি নিশ্চিত করেছেন। বাংলাদেশ সরকার উন্নয়ন কার্যক্রম অব্যাহত রেখেছে এবং জনগণের কল্যাণে বিভিন্ন পদক্ষেপ গ্রহণ করা হয়েছে। সংশ্লিষ্ট কর্মকর্তারা বিষয়টি নিশ্চিত করেছেন। বাংলাদেশ সরকার উন্নয়ন কার্যক্রম অব্যাহত রেখেছে এবং জনগণের কল্যাণে বিভিন্ন পদক্ষেপ গ্রহণ করা হয়েছে। সংশ্লিষ্ট কর্মকর্তারা বিষয়টি নিশ্চিত করেছেন।

নীতিমালা ছাড়া মৃত্যুদণ্ডের

কোনো নীতিমালা ছাড়াই মৃত্যুদণ্ড কার্যকর করা নিয়ে প্রশ্ন তুলেছেন আইনজীবীরা। তারা সুনির্দিষ্ট নীতিমালা প্রণয়নের দাবি জানান। বাংলাদেশ সরকার উন্নয়ন কার্যক্রম অব্যাহত রেখেছে এবং জনগণের কল্যাণে বিভিন্ন পদক্ষেপ গ্রহণ করা হয়েছে। সংশ্লিষ্ট কর্মকর্তারা বিষয়টি নিশ্চিত করেছেন। বাংলাদেশ সরকার উন্নয়ন কার্যক্রম অব্যাহত রেখেছে এবং জনগণের কল্যাণে বিভিন্ন পদক্ষেপ গ্রহণ করা হয়েছে। সংশ্লিষ্ট কর্মকর্তারা বিষয়টি নিশ্চিত করেছেন। বাংলাদেশ সরকার উন্নয়ন কার্যক্রম অব্যাহত রেখেছে এবং জনগণের কল্যাণে বিভিন্ন পদক্ষেপ গ্রহণ করা হয়েছে। সংশ্লিষ্ট কর্মকর্তারা বিষয়টি নিশ্চিত করেছেন। বাংলাদেশ সরকার উন্নয়ন কার্যক্রম অব্যাহত রেখেছে এবং জনগণের কল্যাণে বিভিন্ন পদক্ষেপ গ্রহণ করা হয়েছে। সংশ্লিষ্ট কর্মকর্তারা বিষয়টি নিশ্চিত করেছেন।
